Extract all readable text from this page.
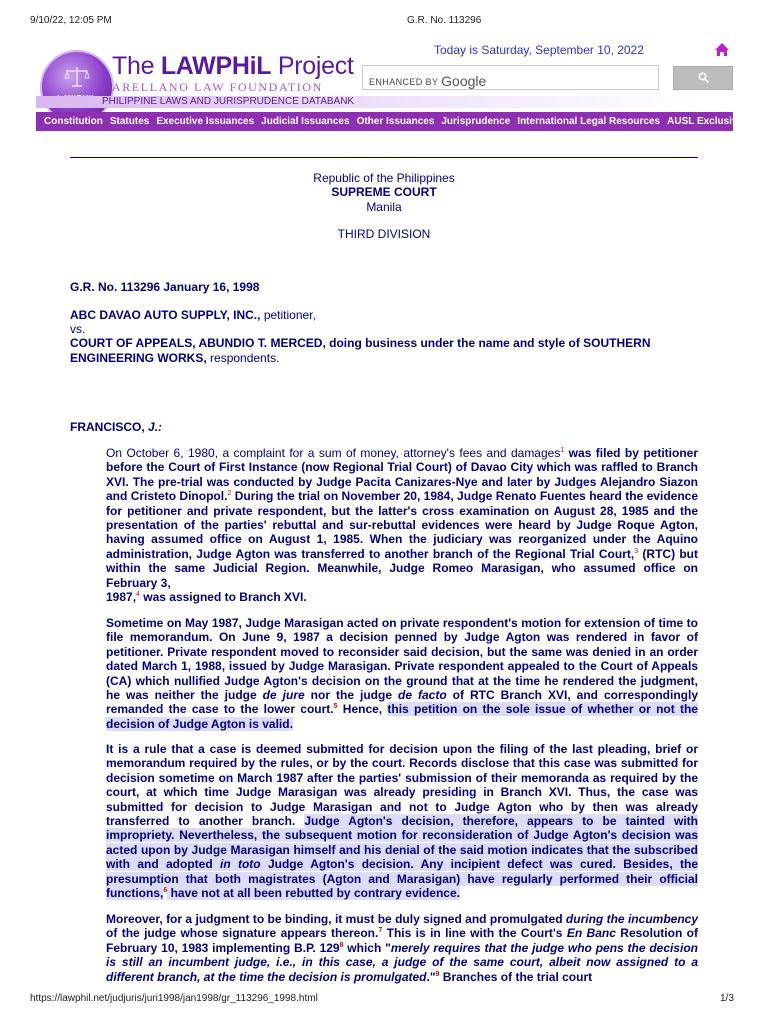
9/10/22, 12:05 PM	G.R. No. 113296
The LAWPHiL Project
ARELLANO LAW FOUNDATION
PHILIPPINE LAWS AND JURISPRUDENCE DATABANK
Today is Saturday, September 10, 2022
ENHANCED BY Google
Constitution Statutes Executive Issuances Judicial Issuances Other Issuances Jurisprudence International Legal Resources AUSL Exclusive
Republic of the Philippines
SUPREME COURT
Manila
THIRD DIVISION
G.R. No. 113296 January 16, 1998
ABC DAVAO AUTO SUPPLY, INC., petitioner,
vs.
COURT OF APPEALS, ABUNDIO T. MERCED, doing business under the name and style of SOUTHERN ENGINEERING WORKS, respondents.
FRANCISCO, J.:
On October 6, 1980, a complaint for a sum of money, attorney's fees and damages$^1$ was filed by petitioner before the Court of First Instance (now Regional Trial Court) of Davao City which was raffled to Branch XVI. The pre-trial was conducted by Judge Pacita Canizares-Nye and later by Judges Alejandro Siazon and Cristeto Dinopol.$^2$ During the trial on November 20, 1984, Judge Renato Fuentes heard the evidence for petitioner and private respondent, but the latter's cross examination on August 28, 1985 and the presentation of the parties' rebuttal and sur-rebuttal evidences were heard by Judge Roque Agton, having assumed office on August 1, 1985. When the judiciary was reorganized under the Aquino administration, Judge Agton was transferred to another branch of the Regional Trial Court,$^3$ (RTC) but within the same Judicial Region. Meanwhile, Judge Romeo Marasigan, who assumed office on February 3,
1987,$^4$ was assigned to Branch XVI.
Sometime on May 1987, Judge Marasigan acted on private respondent's motion for extension of time to file memorandum. On June 9, 1987 a decision penned by Judge Agton was rendered in favor of petitioner. Private respondent moved to reconsider said decision, but the same was denied in an order dated March 1, 1988, issued by Judge Marasigan. Private respondent appealed to the Court of Appeals (CA) which nullified Judge Agton's decision on the ground that at the time he rendered the judgment, he was neither the judge de jure nor the judge de facto of RTC Branch XVI, and correspondingly remanded the case to the lower court.$^5$ Hence, this petition on the sole issue of whether or not the decision of Judge Agton is valid.
It is a rule that a case is deemed submitted for decision upon the filing of the last pleading, brief or memorandum required by the rules, or by the court. Records disclose that this case was submitted for decision sometime on March 1987 after the parties' submission of their memoranda as required by the court, at which time Judge Marasigan was already presiding in Branch XVI. Thus, the case was submitted for decision to Judge Marasigan and not to Judge Agton who by then was already transferred to another branch. Judge Agton's decision, therefore, appears to be tainted with impropriety. Nevertheless, the subsequent motion for reconsideration of Judge Agton's decision was acted upon by Judge Marasigan himself and his denial of the said motion indicates that the subscribed with and adopted in toto Judge Agton's decision. Any incipient defect was cured. Besides, the presumption that both magistrates (Agton and Marasigan) have regularly performed their official functions,$^6$ have not at all been rebutted by contrary evidence.
Moreover, for a judgment to be binding, it must be duly signed and promulgated during the incumbency of the judge whose signature appears thereon.$^7$ This is in line with the Court's En Banc Resolution of February 10, 1983 implementing B.P. $129^8$ which "merely requires that the judge who pens the decision is still an incumbent judge, i.e., in this case, a judge of the same court, albeit now assigned to a different branch, at the time the decision is promulgated."$^9$ Branches of the trial court
https://lawphil.net/judjuris/juri1998/jan1998/gr_113296_1998.html	1/3
